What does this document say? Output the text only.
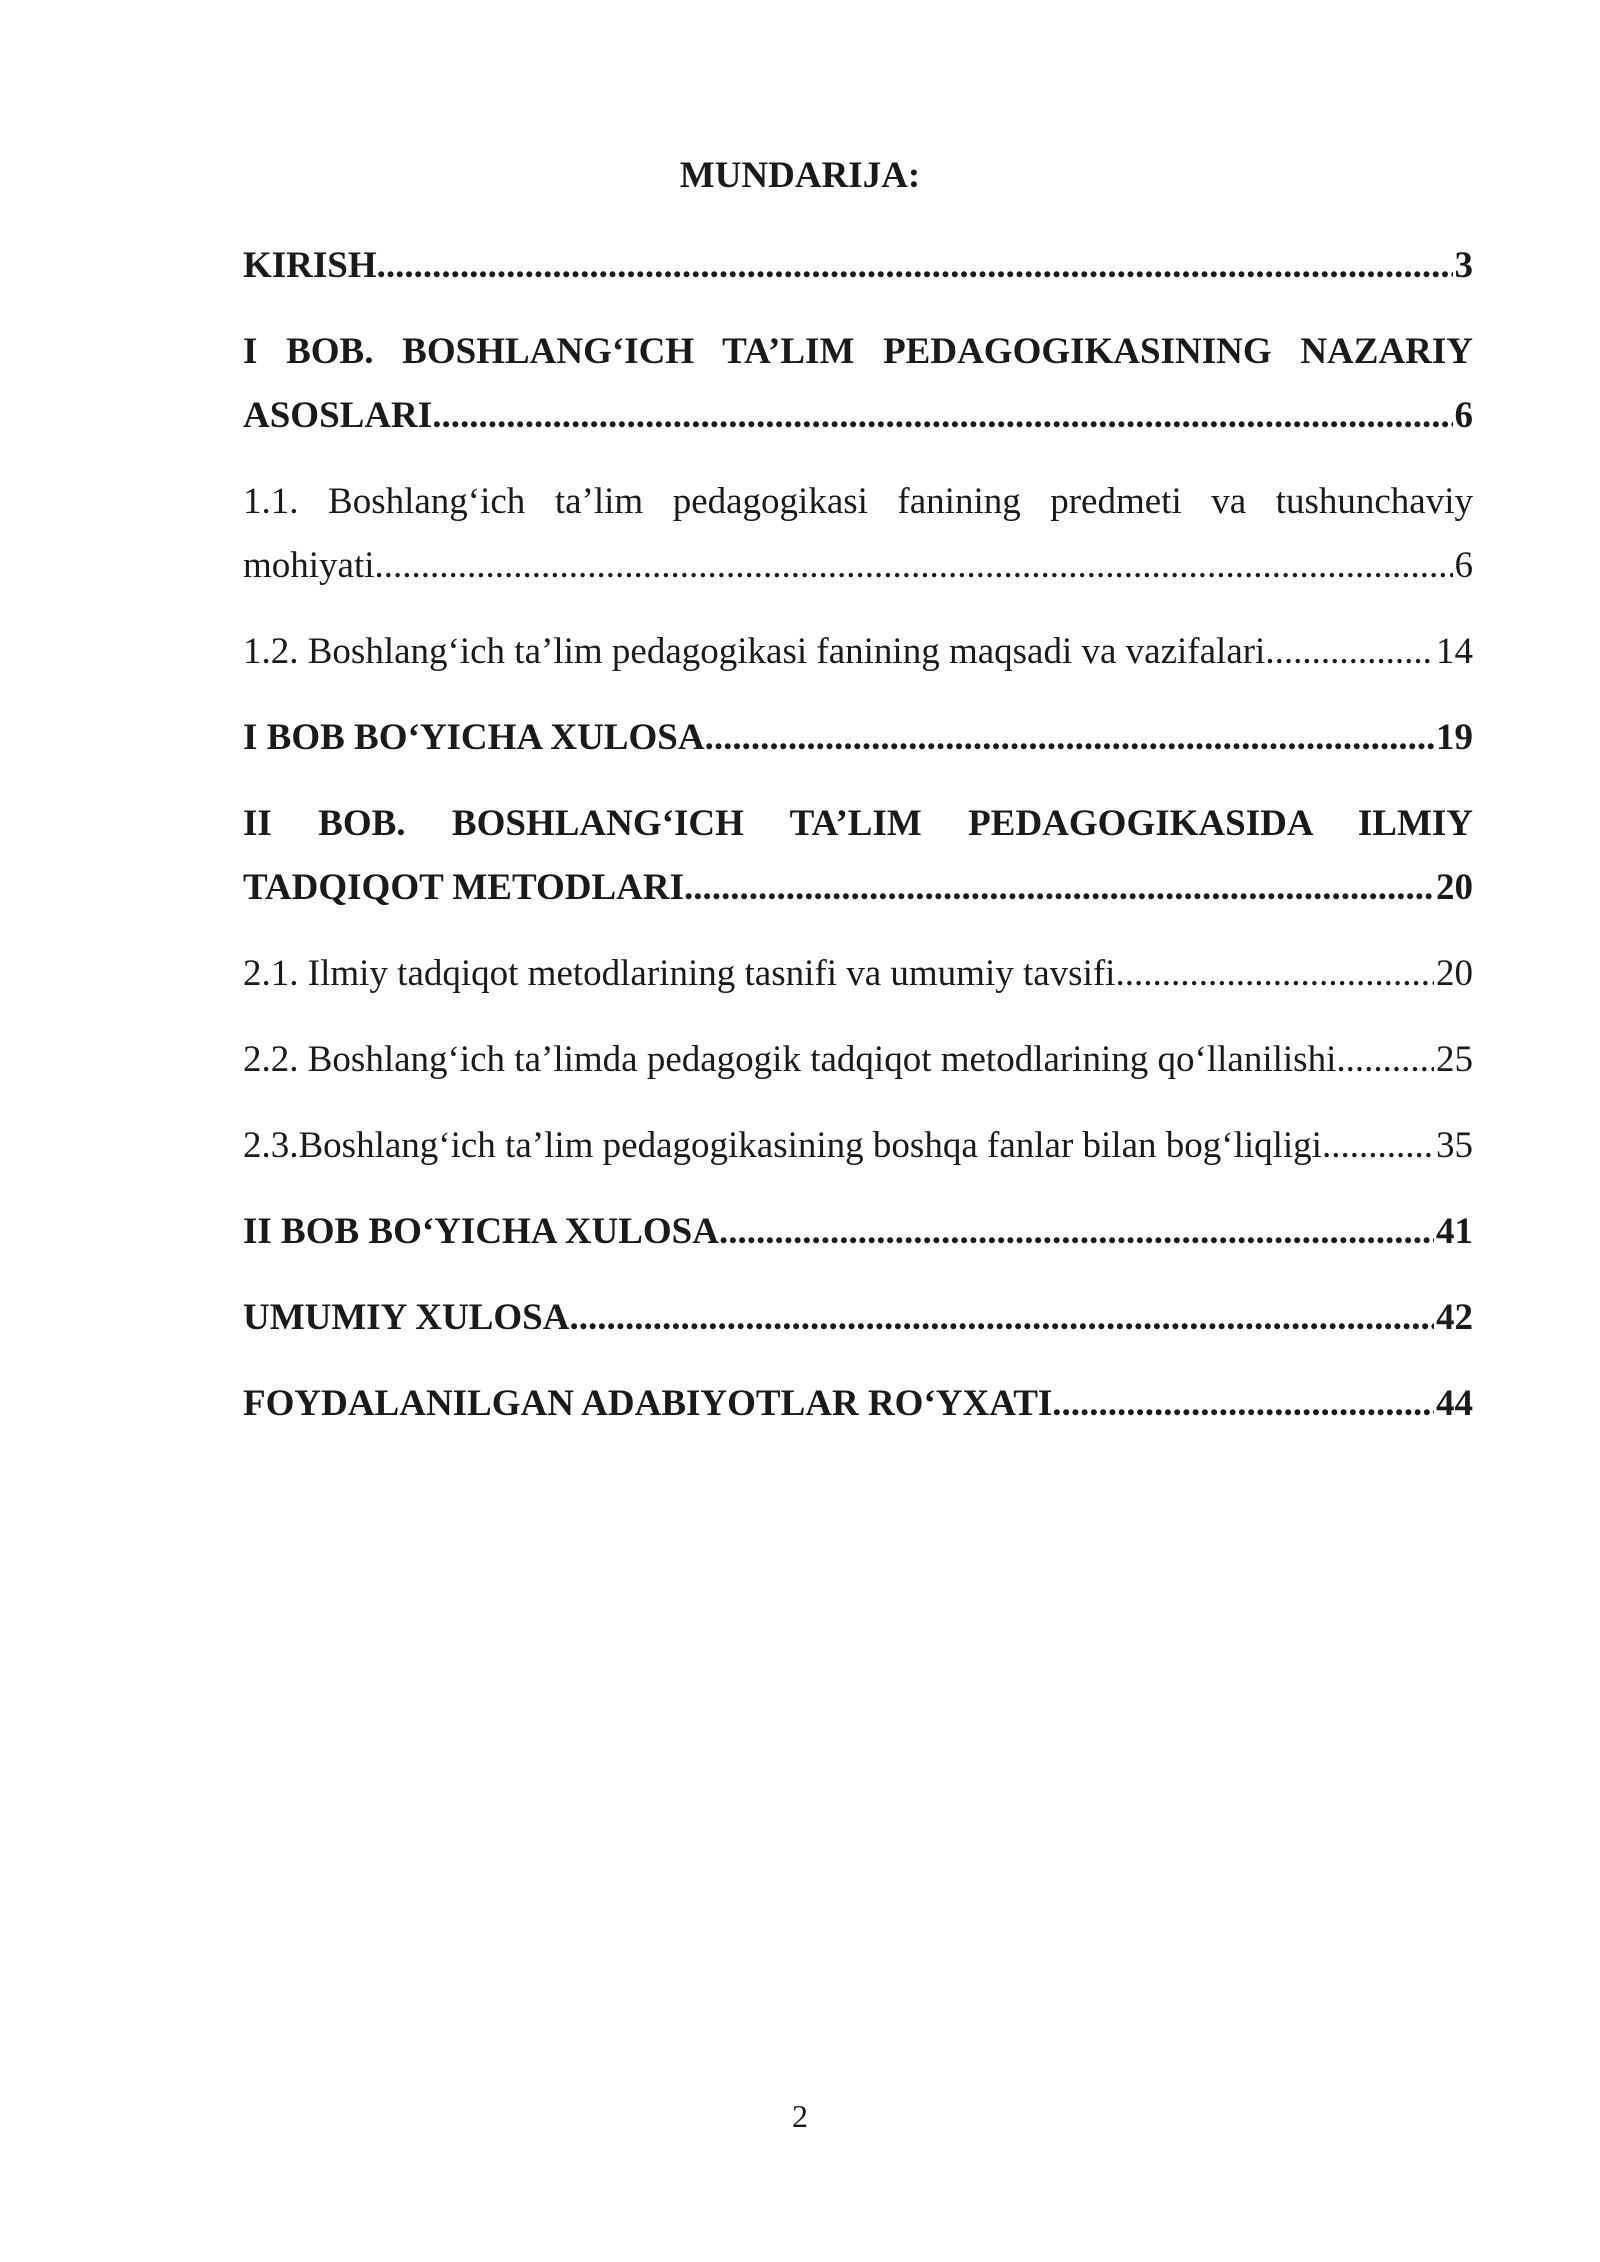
MUNDARIJA:
KIRISH .....	3
I BOB. BOSHLANG‘ICH TA’LIM PEDAGOGIKASINING NAZARIY
ASOSLARI .....	6
1.1. Boshlang‘ich ta’lim pedagogikasi fanining predmeti va tushunchaviy
mohiyati .....	6
1.2. Boshlang‘ich ta’lim pedagogikasi fanining maqsadi va vazifalari .....	14
I BOB BO‘YICHA XULOSA .....	19
II BOB. BOSHLANG‘ICH TA’LIM PEDAGOGIKASIDA ILMIY
TADQIQOT METODLARI .....	20
2.1. Ilmiy tadqiqot metodlarining tasnifi va umumiy tavsifi .....	20
2.2. Boshlang‘ich ta’limda pedagogik tadqiqot metodlarining qo‘llanilishi .....	25
2.3.Boshlang‘ich ta’lim pedagogikasining boshqa fanlar bilan bog‘liqligi .....	35
II BOB BO‘YICHA XULOSA .....	41
UMUMIY XULOSA .....	42
FOYDALANILGAN ADABIYOTLAR RO‘YXATI .....	44
2
